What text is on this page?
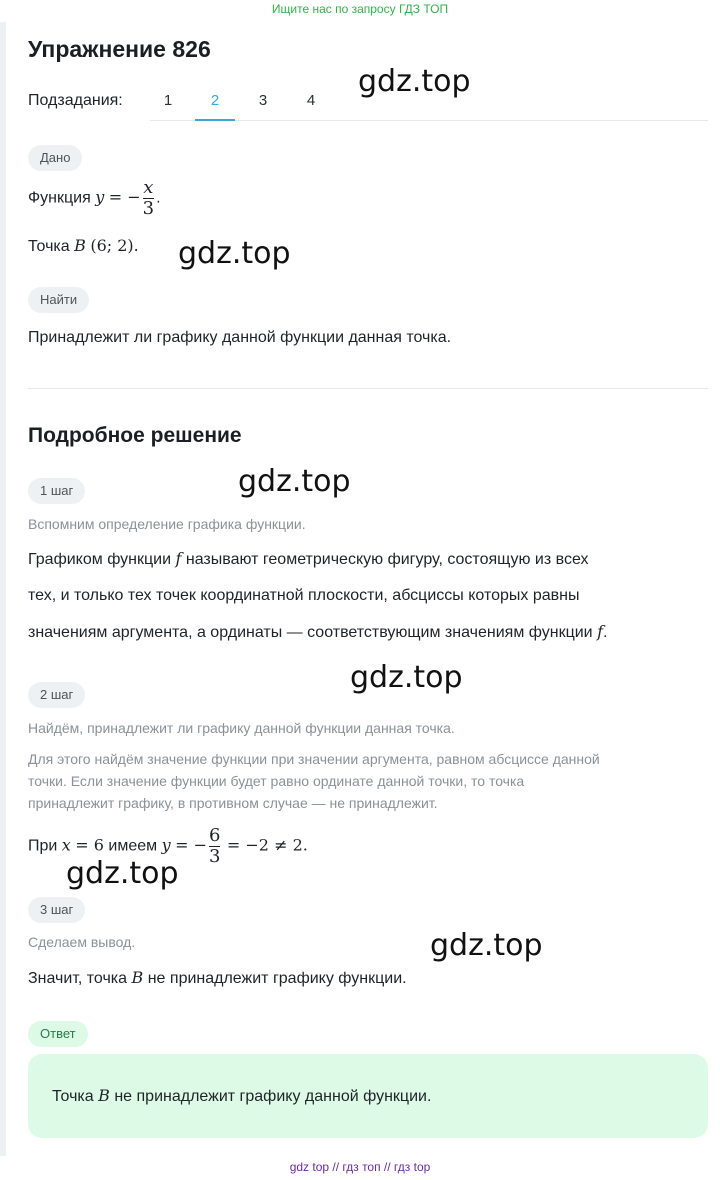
Ищите нас по запросу ГДЗ ТОП
Упражнение 826
Подзадания:	1	2	3	4
Дано
Функция y = − $\frac{x}{3}$ .
Точка B (6; 2).
Найти
Принадлежит ли графику данной функции данная точка.
Подробное решение
1 шаг
Вспомним определение графика функции.
Графиком функции f называют геометрическую фигуру, состоящую из всех
тех, и только тех точек координатной плоскости, абсциссы которых равны
значениям аргумента, а ординаты — соответствующим значениям функции f.
2 шаг
Найдём, принадлежит ли графику данной функции данная точка.
Для этого найдём значение функции при значении аргумента, равном абсциссе данной
точки. Если значение функции будет равно ординате данной точки, то точка
принадлежит графику, в противном случае — не принадлежит.
При x = 6 имеем y = − $\frac{6}{3} = -2 \ne 2$.
3 шаг
Сделаем вывод.
Значит, точка B не принадлежит графику функции.
Ответ
Точка B не принадлежит графику данной функции.
gdz.top
gdz.top
gdz.top
gdz.top
gdz.top
gdz.top
gdz top // гдз топ // гдз top
